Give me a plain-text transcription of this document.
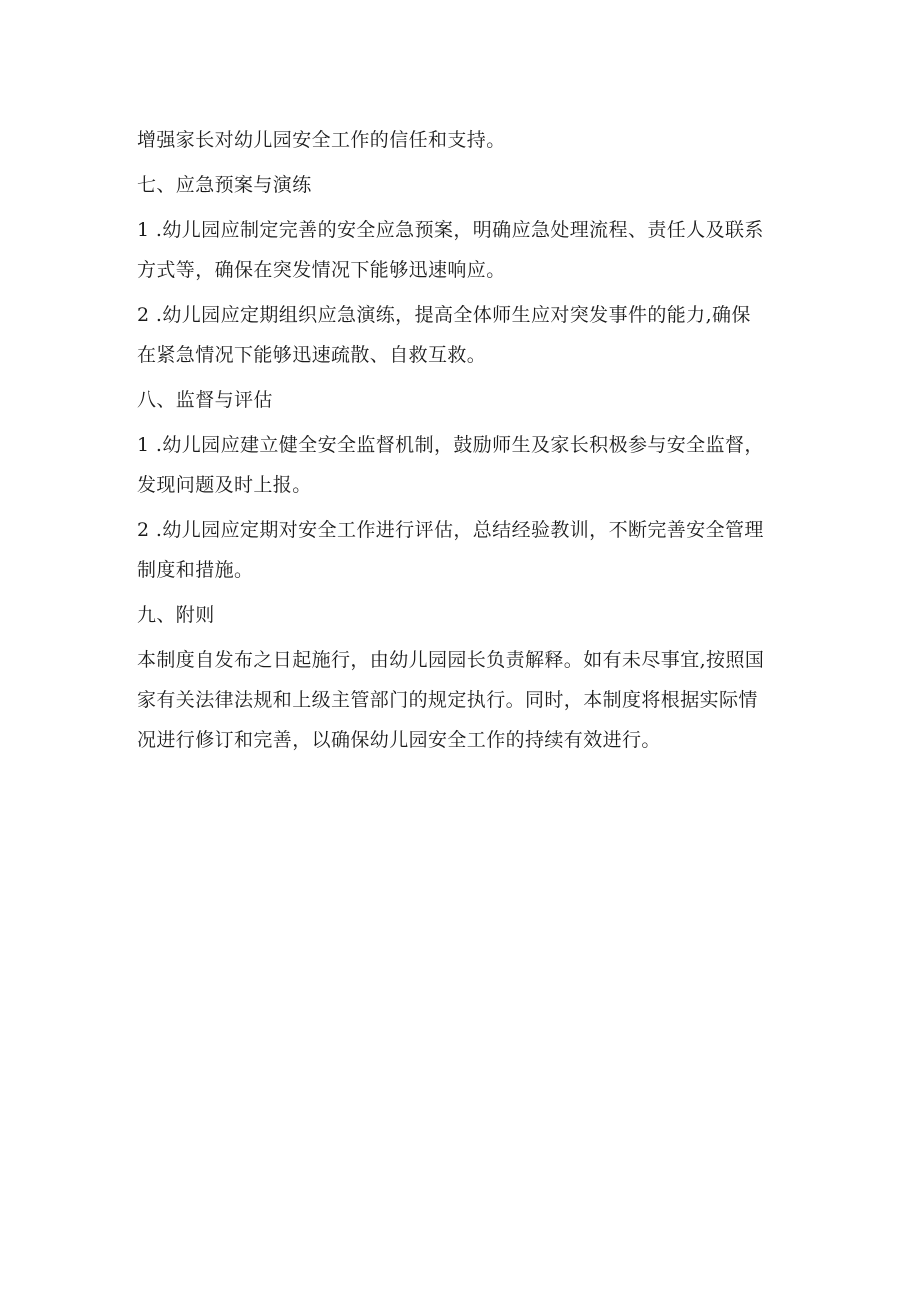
增强家长对幼儿园安全工作的信任和支持。
七、应急预案与演练
1 .幼儿园应制定完善的安全应急预案，明确应急处理流程、责任人及联系
方式等，确保在突发情况下能够迅速响应。
2 .幼儿园应定期组织应急演练，提高全体师生应对突发事件的能力,确保
在紧急情况下能够迅速疏散、自救互救。
八、监督与评估
1 .幼儿园应建立健全安全监督机制，鼓励师生及家长积极参与安全监督，
发现问题及时上报。
2 .幼儿园应定期对安全工作进行评估，总结经验教训，不断完善安全管理
制度和措施。
九、附则
本制度自发布之日起施行，由幼儿园园长负责解释。如有未尽事宜,按照国
家有关法律法规和上级主管部门的规定执行。同时，本制度将根据实际情
况进行修订和完善，以确保幼儿园安全工作的持续有效进行。
